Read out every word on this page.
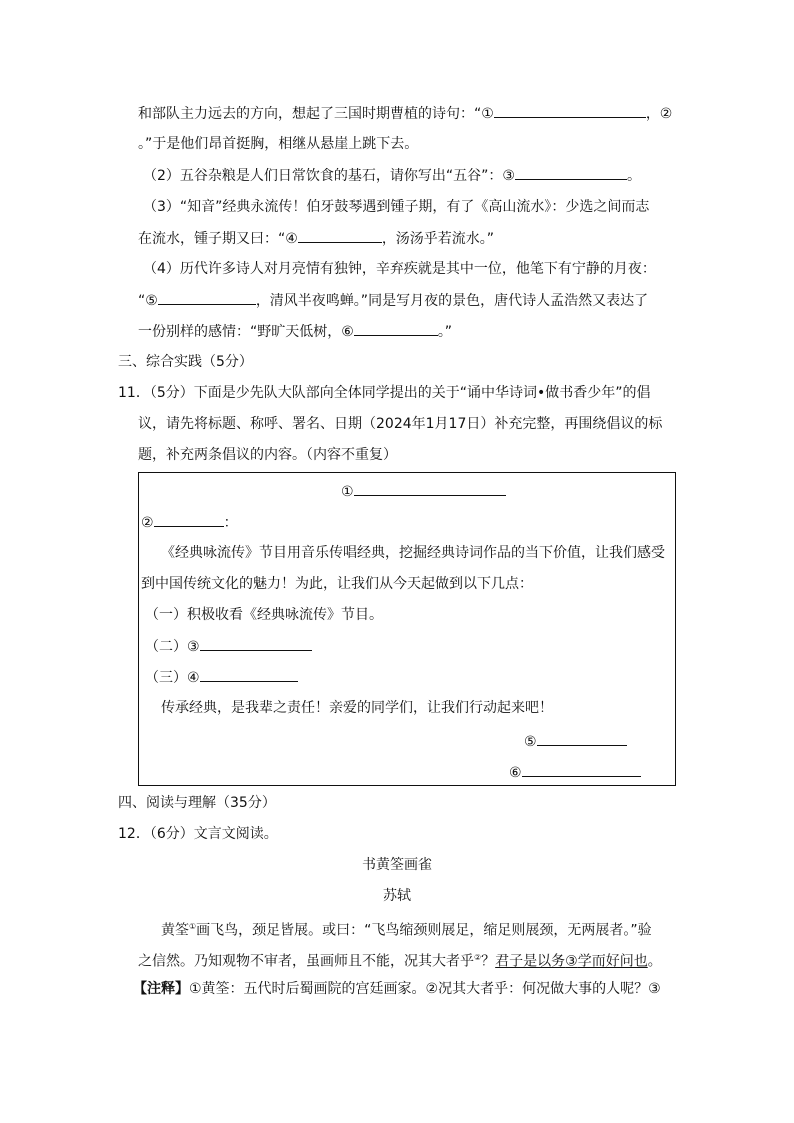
和部队主力远去的方向，想起了三国时期曹植的诗句：“①	，②
。”于是他们昂首挺胸，相继从悬崖上跳下去。
（2）五谷杂粮是人们日常饮食的基石，请你写出“五谷”：③	。
（3）“知音”经典永流传！伯牙鼓琴遇到锺子期，有了《高山流水》：少选之间而志
在流水，锺子期又曰：“④	，汤汤乎若流水。”
（4）历代许多诗人对月亮情有独钟，辛弃疾就是其中一位，他笔下有宁静的月夜：
“⑤	，清风半夜鸣蝉。”同是写月夜的景色，唐代诗人孟浩然又表达了
一份别样的感情：“野旷天低树，⑥	。”
三、综合实践（5分）
11．（5分）下面是少先队大队部向全体同学提出的关于“诵中华诗词•做书香少年”的倡
议，请先将标题、称呼、署名、日期（2024年1月17日）补充完整，再围绕倡议的标
题，补充两条倡议的内容。（内容不重复）
①
②	：
《经典咏流传》节目用音乐传唱经典，挖掘经典诗词作品的当下价值，让我们感受
到中国传统文化的魅力！为此，让我们从今天起做到以下几点：
（一）积极收看《经典咏流传》节目。
（二）③
（三）④
传承经典，是我辈之责任！亲爱的同学们，让我们行动起来吧！
⑤
⑥
四、阅读与理解（35分）
12．（6分）文言文阅读。
书黄筌画雀
苏轼
黄筌①画飞鸟，颈足皆展。或曰：“飞鸟缩颈则展足，缩足则展颈，无两展者。”验
之信然。乃知观物不审者，虽画师且不能，况其大者乎②？君子是以务③学而好问也。
【注释】①黄筌：五代时后蜀画院的宫廷画家。②况其大者乎：何况做大事的人呢？③
